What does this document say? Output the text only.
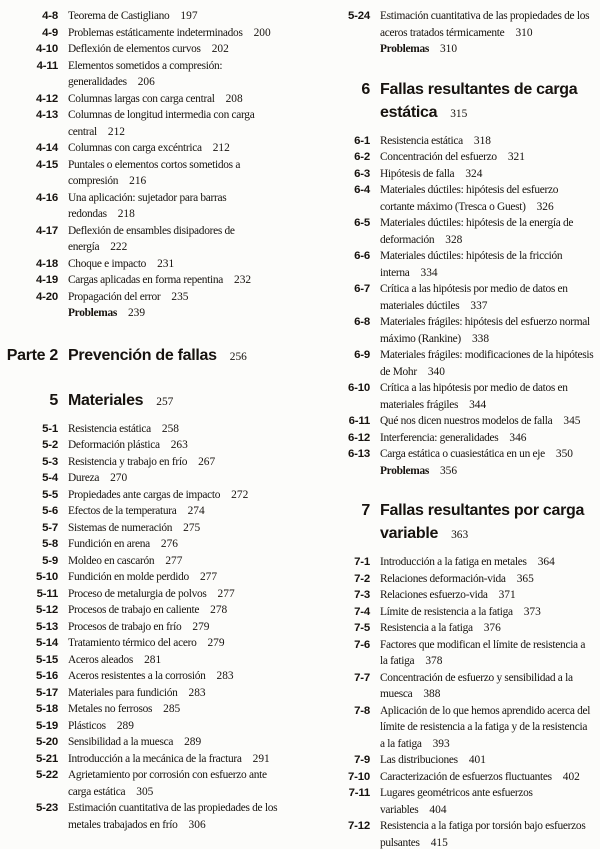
4-8 Teorema de Castigliano 197
4-9 Problemas estáticamente indeterminados 200
4-10 Deflexión de elementos curvos 202
4-11 Elementos sometidos a compresión:
generalidades 206
4-12 Columnas largas con carga central 208
4-13 Columnas de longitud intermedia con carga
central 212
4-14 Columnas con carga excéntrica 212
4-15 Puntales o elementos cortos sometidos a
compresión 216
4-16 Una aplicación: sujetador para barras
redondas 218
4-17 Deflexión de ensambles disipadores de
energía 222
4-18 Choque e impacto 231
4-19 Cargas aplicadas en forma repentina 232
4-20 Propagación del error 235
Problemas 239
Parte 2 Prevención de fallas 256
5 Materiales 257
5-1 Resistencia estática 258
5-2 Deformación plástica 263
5-3 Resistencia y trabajo en frío 267
5-4 Dureza 270
5-5 Propiedades ante cargas de impacto 272
5-6 Efectos de la temperatura 274
5-7 Sistemas de numeración 275
5-8 Fundición en arena 276
5-9 Moldeo en cascarón 277
5-10 Fundición en molde perdido 277
5-11 Proceso de metalurgia de polvos 277
5-12 Procesos de trabajo en caliente 278
5-13 Procesos de trabajo en frío 279
5-14 Tratamiento térmico del acero 279
5-15 Aceros aleados 281
5-16 Aceros resistentes a la corrosión 283
5-17 Materiales para fundición 283
5-18 Metales no ferrosos 285
5-19 Plásticos 289
5-20 Sensibilidad a la muesca 289
5-21 Introducción a la mecánica de la fractura 291
5-22 Agrietamiento por corrosión con esfuerzo ante
carga estática 305
5-23 Estimación cuantitativa de las propiedades de los
metales trabajados en frío 306
5-24 Estimación cuantitativa de las propiedades de los
aceros tratados térmicamente 310
Problemas 310
6 Fallas resultantes de carga
estática 315
6-1 Resistencia estática 318
6-2 Concentración del esfuerzo 321
6-3 Hipótesis de falla 324
6-4 Materiales dúctiles: hipótesis del esfuerzo
cortante máximo (Tresca o Guest) 326
6-5 Materiales dúctiles: hipótesis de la energía de
deformación 328
6-6 Materiales dúctiles: hipótesis de la fricción
interna 334
6-7 Crítica a las hipótesis por medio de datos en
materiales dúctiles 337
6-8 Materiales frágiles: hipótesis del esfuerzo normal
máximo (Rankine) 338
6-9 Materiales frágiles: modificaciones de la hipótesis
de Mohr 340
6-10 Crítica a las hipótesis por medio de datos en
materiales frágiles 344
6-11 Qué nos dicen nuestros modelos de falla 345
6-12 Interferencia: generalidades 346
6-13 Carga estática o cuasiestática en un eje 350
Problemas 356
7 Fallas resultantes por carga
variable 363
7-1 Introducción a la fatiga en metales 364
7-2 Relaciones deformación-vida 365
7-3 Relaciones esfuerzo-vida 371
7-4 Límite de resistencia a la fatiga 373
7-5 Resistencia a la fatiga 376
7-6 Factores que modifican el límite de resistencia a
la fatiga 378
7-7 Concentración de esfuerzo y sensibilidad a la
muesca 388
7-8 Aplicación de lo que hemos aprendido acerca del
límite de resistencia a la fatiga y de la resistencia
a la fatiga 393
7-9 Las distribuciones 401
7-10 Caracterización de esfuerzos fluctuantes 402
7-11 Lugares geométricos ante esfuerzos
variables 404
7-12 Resistencia a la fatiga por torsión bajo esfuerzos
pulsantes 415
